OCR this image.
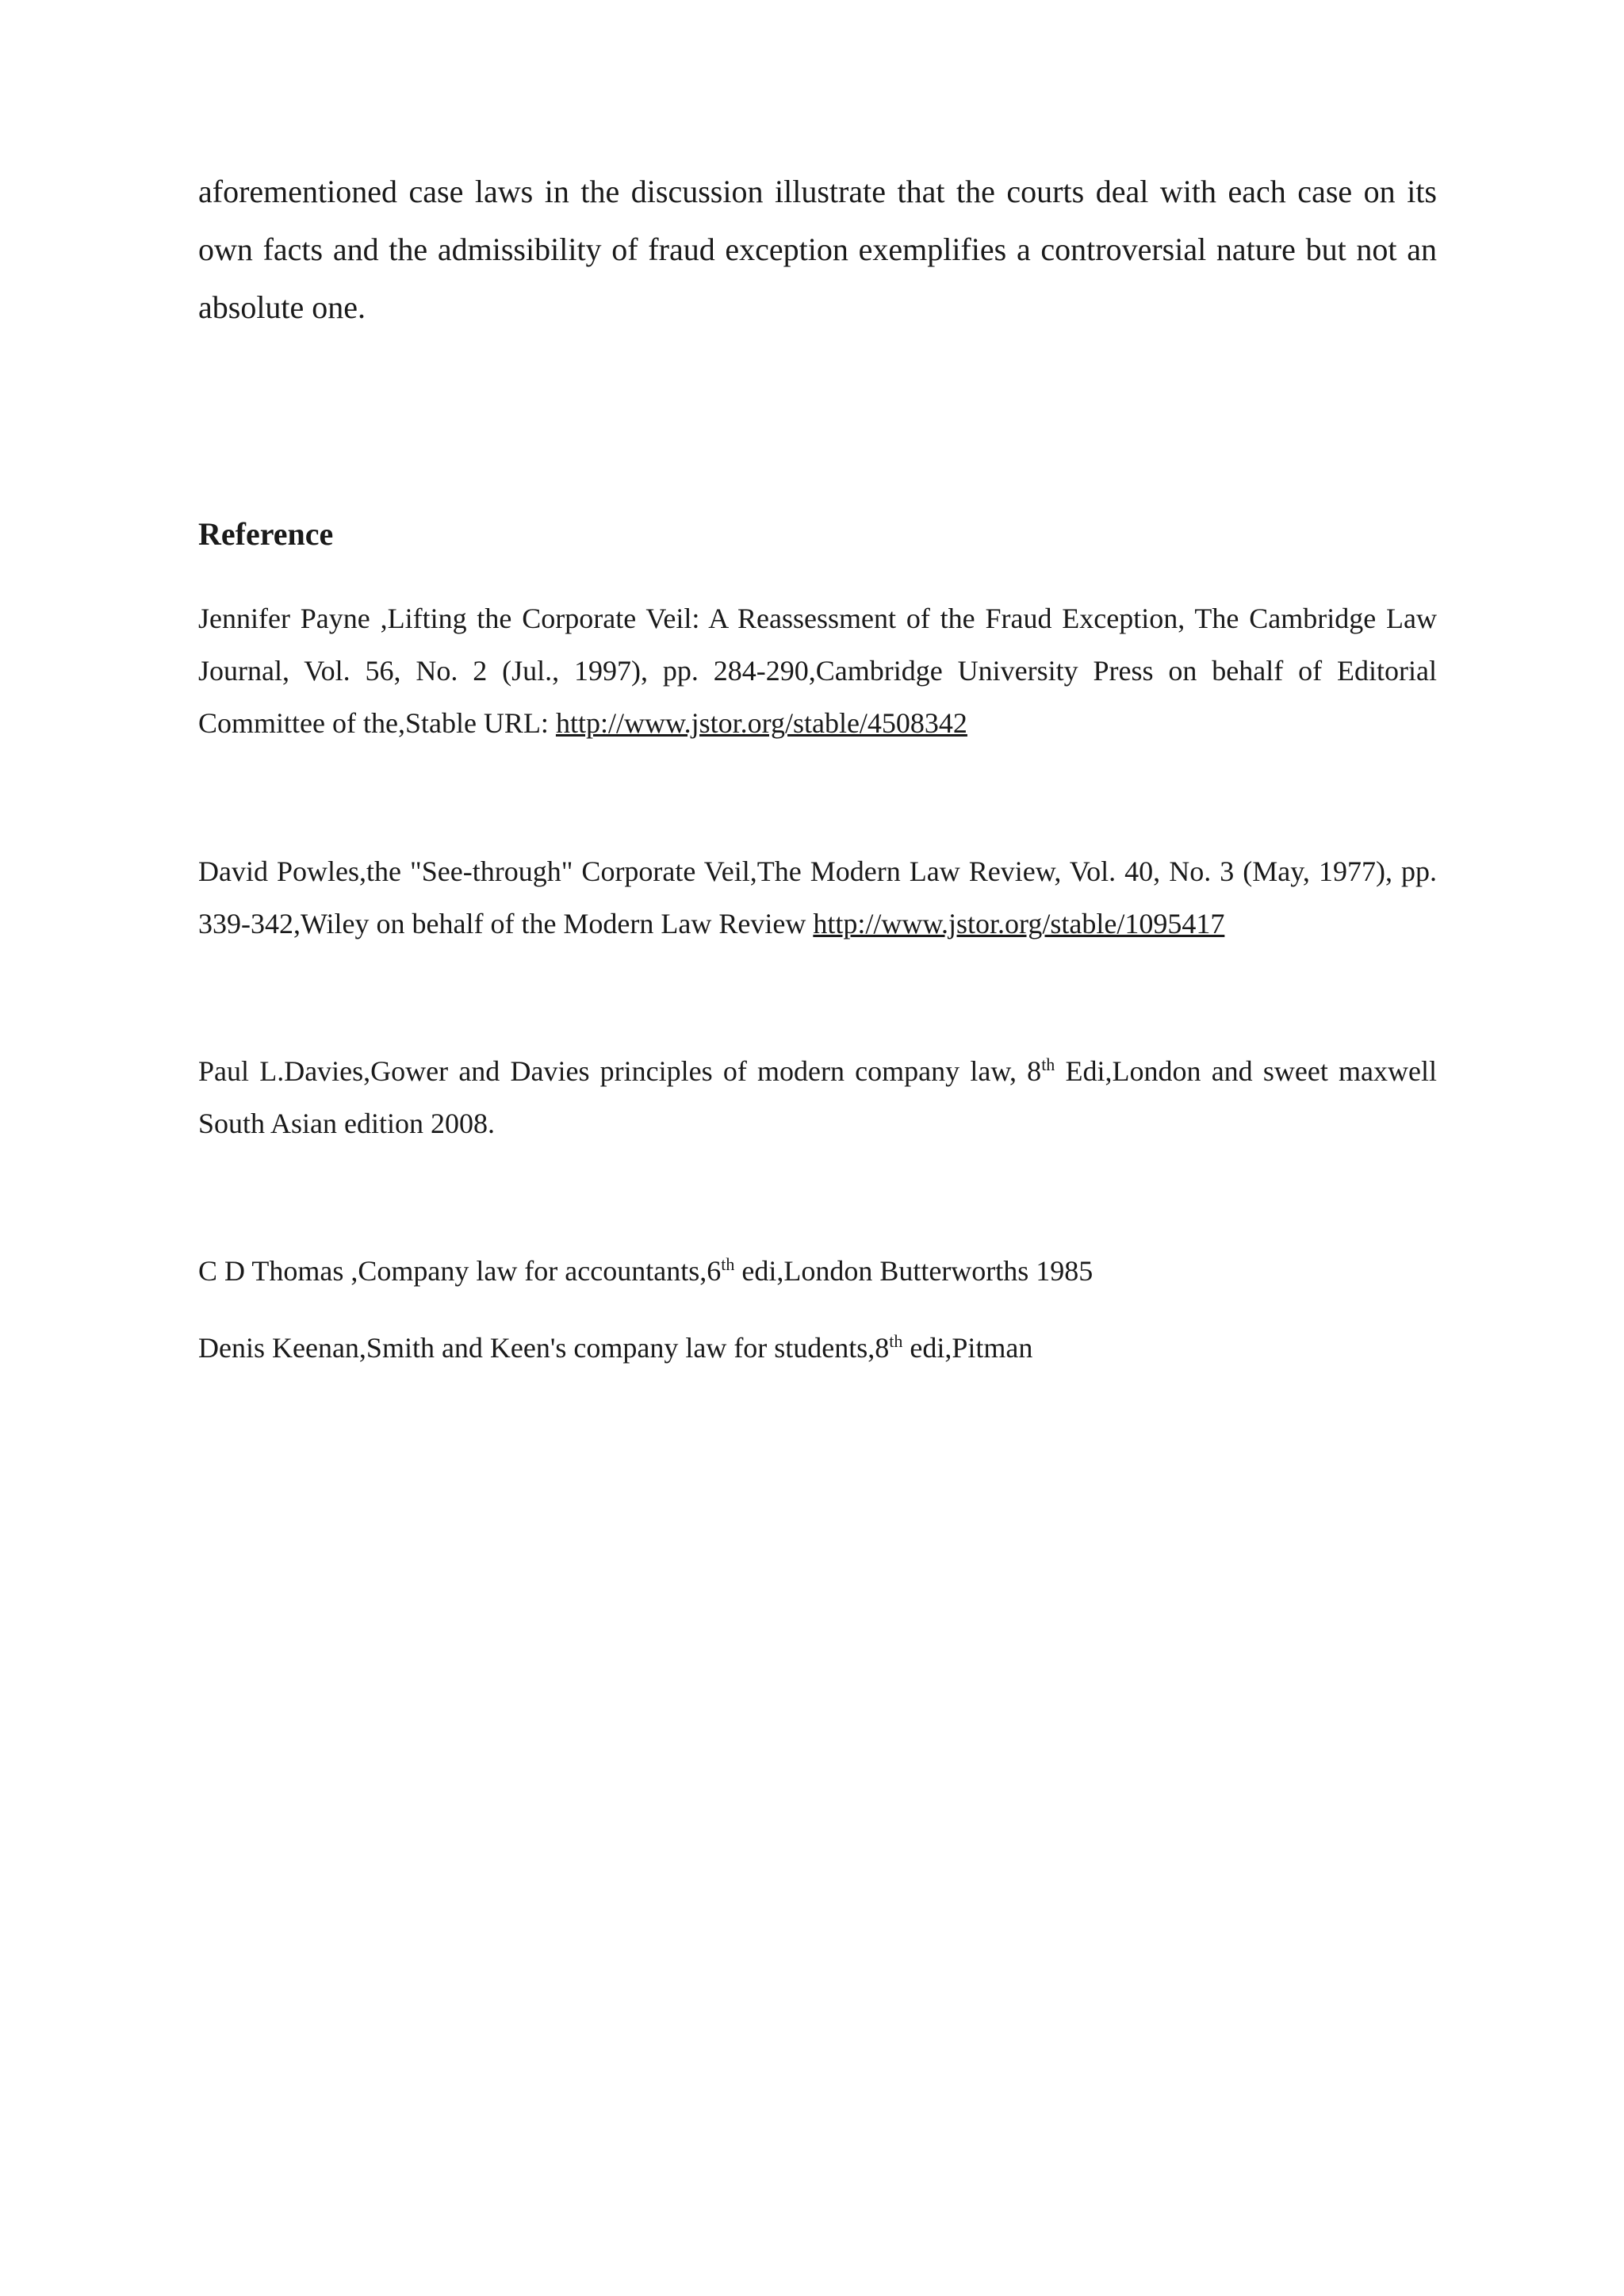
aforementioned case laws in the discussion illustrate that the courts deal with each case on its own facts and the admissibility of fraud exception exemplifies a controversial nature but not an absolute one.

Reference

Jennifer Payne ,Lifting the Corporate Veil: A Reassessment of the Fraud Exception, The Cambridge Law Journal, Vol. 56, No. 2 (Jul., 1997), pp. 284-290,Cambridge University Press on behalf of Editorial Committee of the,Stable URL: http://www.jstor.org/stable/4508342

David Powles,the "See-through" Corporate Veil,The Modern Law Review, Vol. 40, No. 3 (May, 1977), pp. 339-342,Wiley on behalf of the Modern Law Review http://www.jstor.org/stable/1095417

Paul L.Davies,Gower and Davies principles of modern company law, 8th Edi,London and sweet maxwell South Asian edition 2008.

C D Thomas ,Company law for accountants,6th edi,London Butterworths 1985

Denis Keenan,Smith and Keen's company law for students,8th edi,Pitman
